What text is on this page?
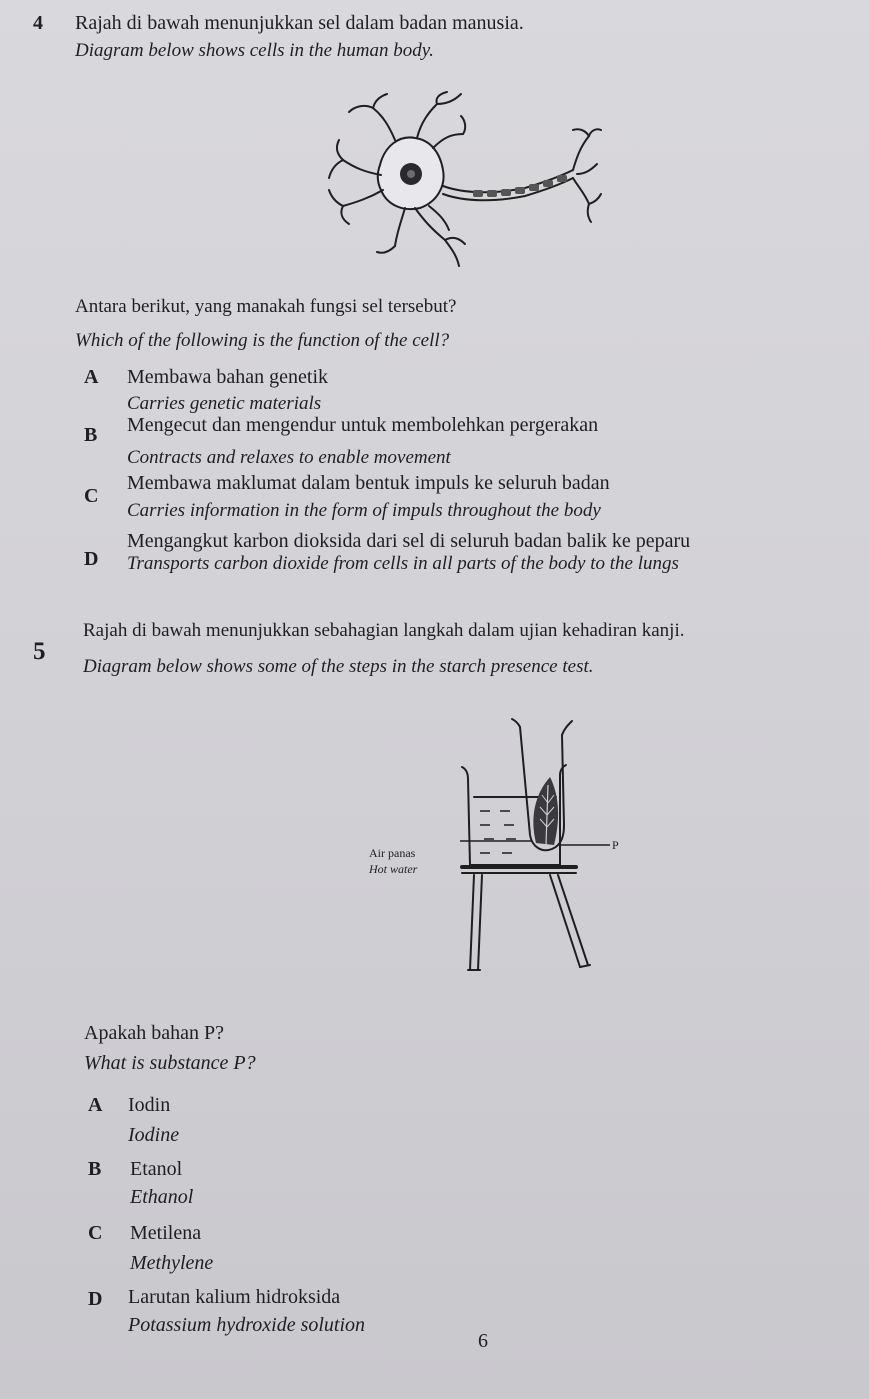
4 Rajah di bawah menunjukkan sel dalam badan manusia.
Diagram below shows cells in the human body.
Antara berikut, yang manakah fungsi sel tersebut?
Which of the following is the function of the cell?
A Membawa bahan genetik
Carries genetic materials
B Mengecut dan mengendur untuk membolehkan pergerakan
Contracts and relaxes to enable movement
C
Membawa maklumat dalam bentuk impuls ke seluruh badan
Carries information in the form of impuls throughout the body
D
Mengangkut karbon dioksida dari sel di seluruh badan balik ke peparu
Transports carbon dioxide from cells in all parts of the body to the lungs
5
Rajah di bawah menunjukkan sebahagian langkah dalam ujian kehadiran kanji.
Diagram below shows some of the steps in the starch presence test.
Air panas
Hot water
P
Apakah bahan P?
What is substance P?
A Iodin
Iodine
B Etanol
Ethanol
C Metilena
Methylene
D Larutan kalium hidroksida
Potassium hydroxide solution
6
